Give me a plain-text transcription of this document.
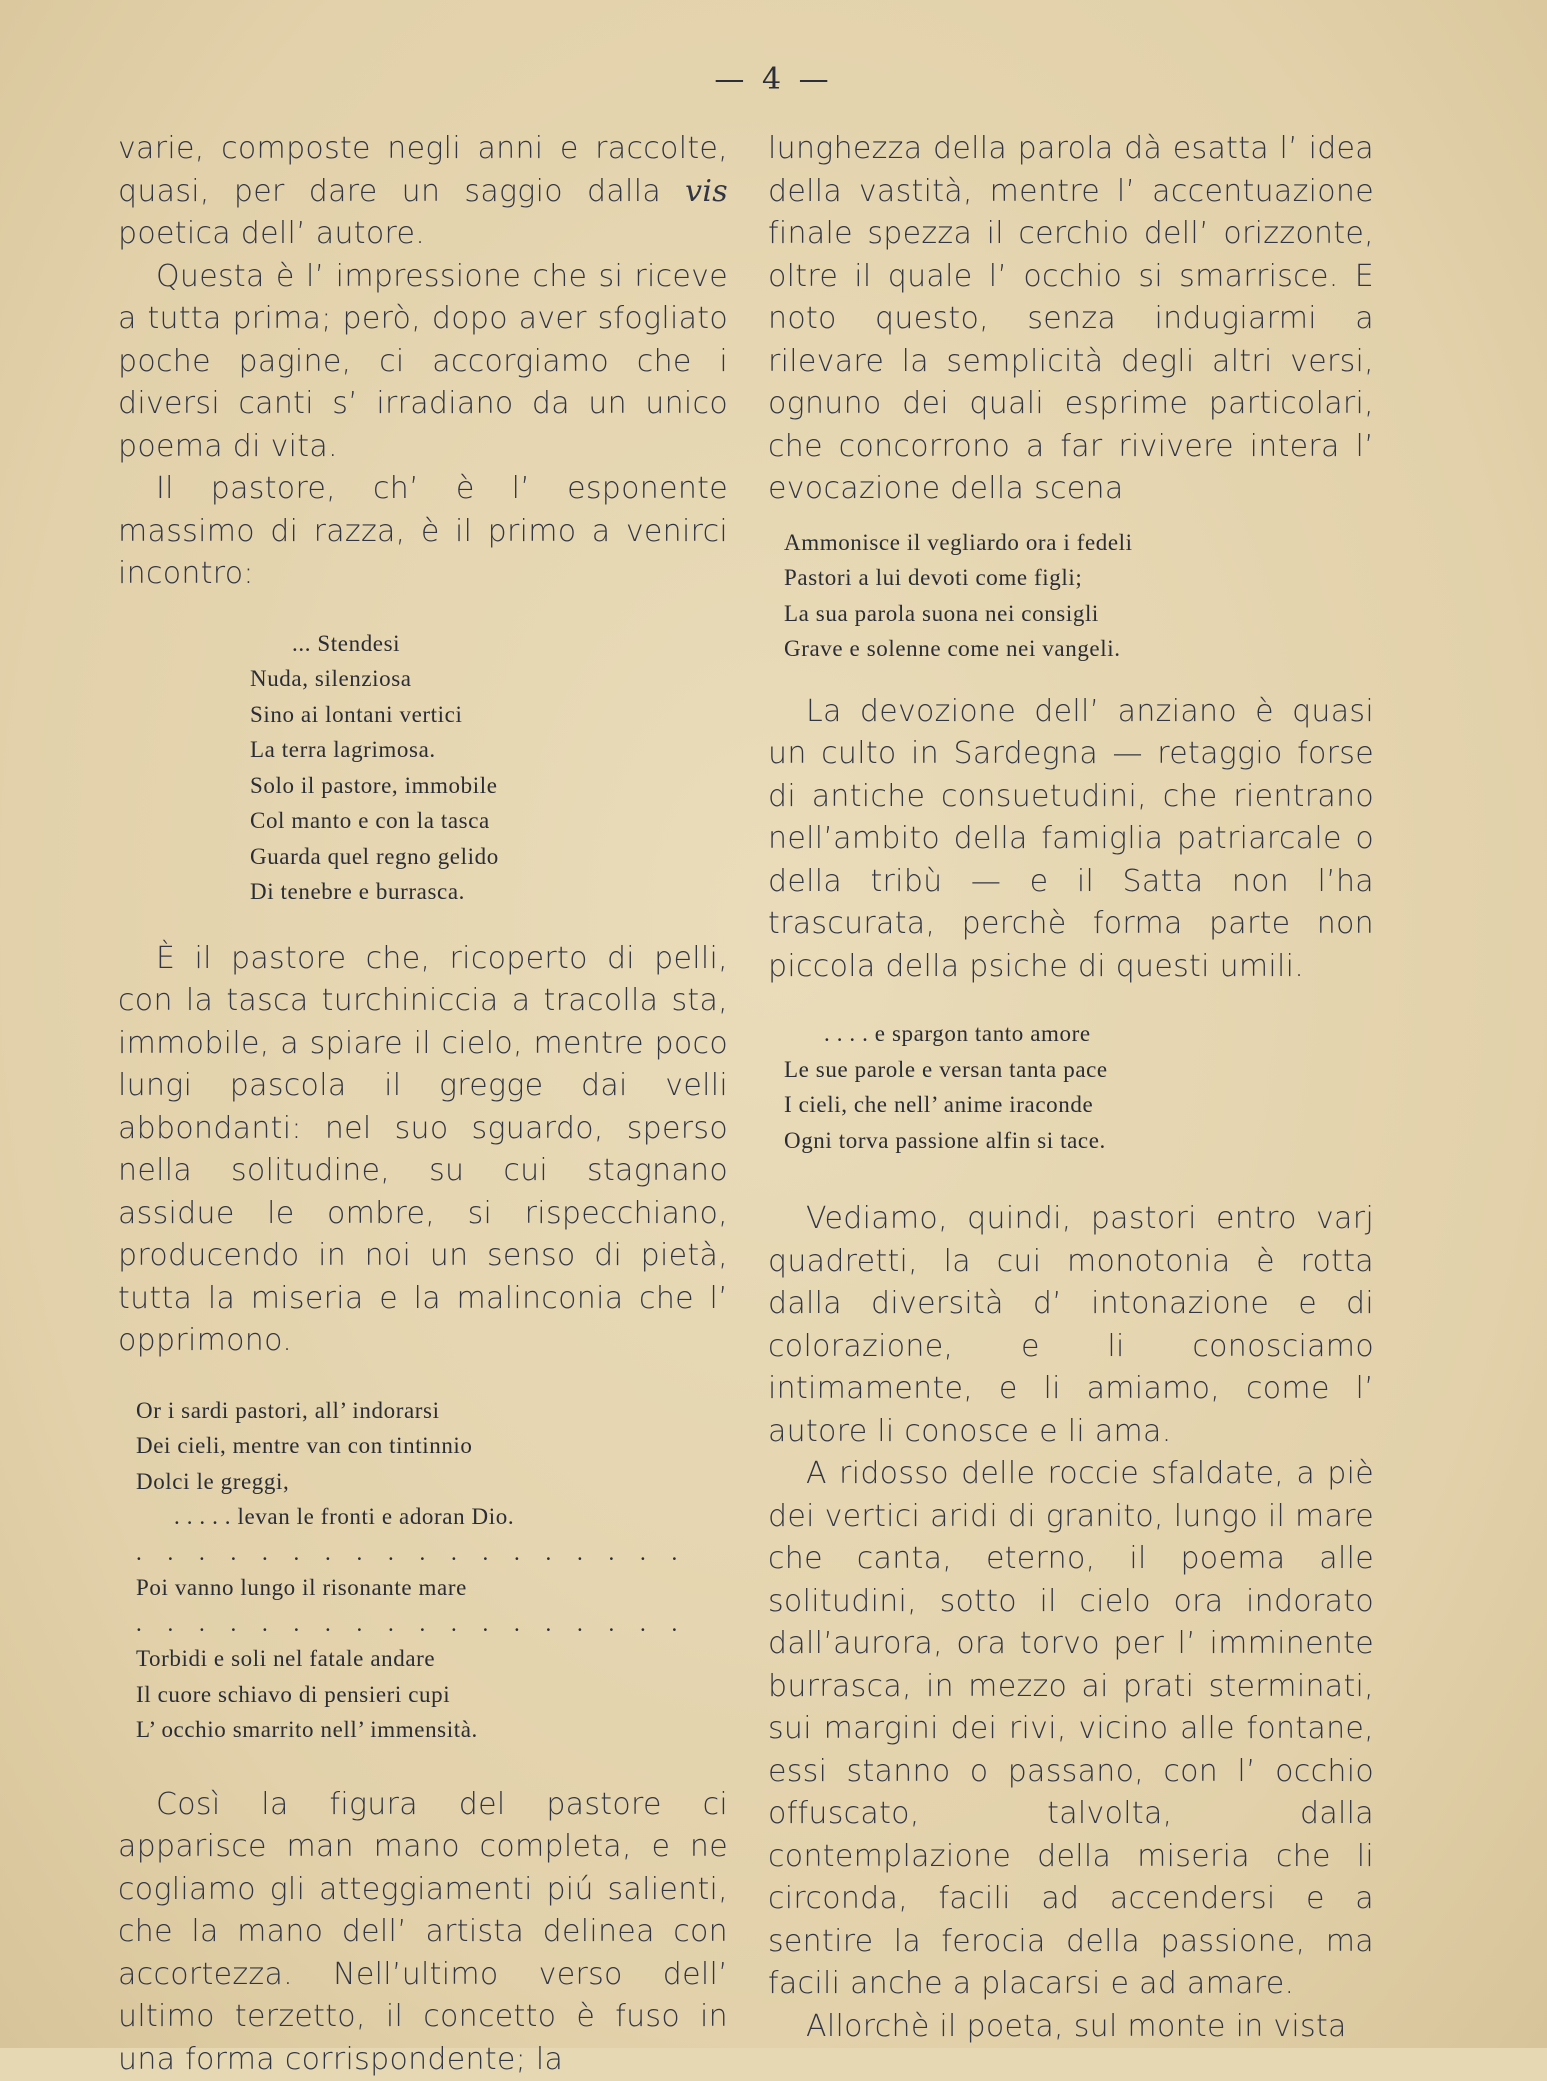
— 4 —

varie, composte negli anni e raccolte, quasi, per dare un saggio dalla vis poetica dell’ autore.

Questa è l’ impressione che si riceve a tutta prima; però, dopo aver sfogliato poche pagine, ci accorgiamo che i diversi canti s’ irradiano da un unico poema di vita.

Il pastore, ch’ è l’ esponente massimo di razza, è il primo a venirci incontro:

... Stendesi
Nuda, silenziosa
Sino ai lontani vertici
La terra lagrimosa.
Solo il pastore, immobile
Col manto e con la tasca
Guarda quel regno gelido
Di tenebre e burrasca.

È il pastore che, ricoperto di pelli, con la tasca turchiniccia a tracolla sta, immobile, a spiare il cielo, mentre poco lungi pascola il gregge dai velli abbondanti: nel suo sguardo, sperso nella solitudine, su cui stagnano assidue le ombre, si rispecchiano, producendo in noi un senso di pietà, tutta la miseria e la malinconia che l’ opprimono.

Or i sardi pastori, all’ indorarsi
Dei cieli, mentre van con tintinnio
Dolci le greggi,
. . . . . levan le fronti e adoran Dio.
. . . . . . . . . . . . . . . . . .
Poi vanno lungo il risonante mare
. . . . . . . . . . . . . . . . . .
Torbidi e soli nel fatale andare
Il cuore schiavo di pensieri cupi
L’ occhio smarrito nell’ immensità.

Così la figura del pastore ci apparisce man mano completa, e ne cogliamo gli atteggiamenti piú salienti, che la mano dell’ artista delinea con accortezza. Nell’ultimo verso dell’ ultimo terzetto, il concetto è fuso in una forma corrispondente; la

lunghezza della parola dà esatta l’ idea della vastità, mentre l’ accentuazione finale spezza il cerchio dell’ orizzonte, oltre il quale l’ occhio si smarrisce. E noto questo, senza indugiarmi a rilevare la semplicità degli altri versi, ognuno dei quali esprime particolari, che concorrono a far rivivere intera l’ evocazione della scena

Ammonisce il vegliardo ora i fedeli
Pastori a lui devoti come figli;
La sua parola suona nei consigli
Grave e solenne come nei vangeli.

La devozione dell’ anziano è quasi un culto in Sardegna — retaggio forse di antiche consuetudini, che rientrano nell’ambito della famiglia patriarcale o della tribù — e il Satta non l’ha trascurata, perchè forma parte non piccola della psiche di questi umili.

. . . . e spargon tanto amore
Le sue parole e versan tanta pace
I cieli, che nell’ anime iraconde
Ogni torva passione alfin si tace.

Vediamo, quindi, pastori entro varj quadretti, la cui monotonia è rotta dalla diversità d’ intonazione e di colorazione, e li conosciamo intimamente, e li amiamo, come l’ autore li conosce e li ama.

A ridosso delle roccie sfaldate, a piè dei vertici aridi di granito, lungo il mare che canta, eterno, il poema alle solitudini, sotto il cielo ora indorato dall’aurora, ora torvo per l’ imminente burrasca, in mezzo ai prati sterminati, sui margini dei rivi, vicino alle fontane, essi stanno o passano, con l’ occhio offuscato, talvolta, dalla contemplazione della miseria che li circonda, facili ad accendersi e a sentire la ferocia della passione, ma facili anche a placarsi e ad amare.

Allorchè il poeta, sul monte in vista
